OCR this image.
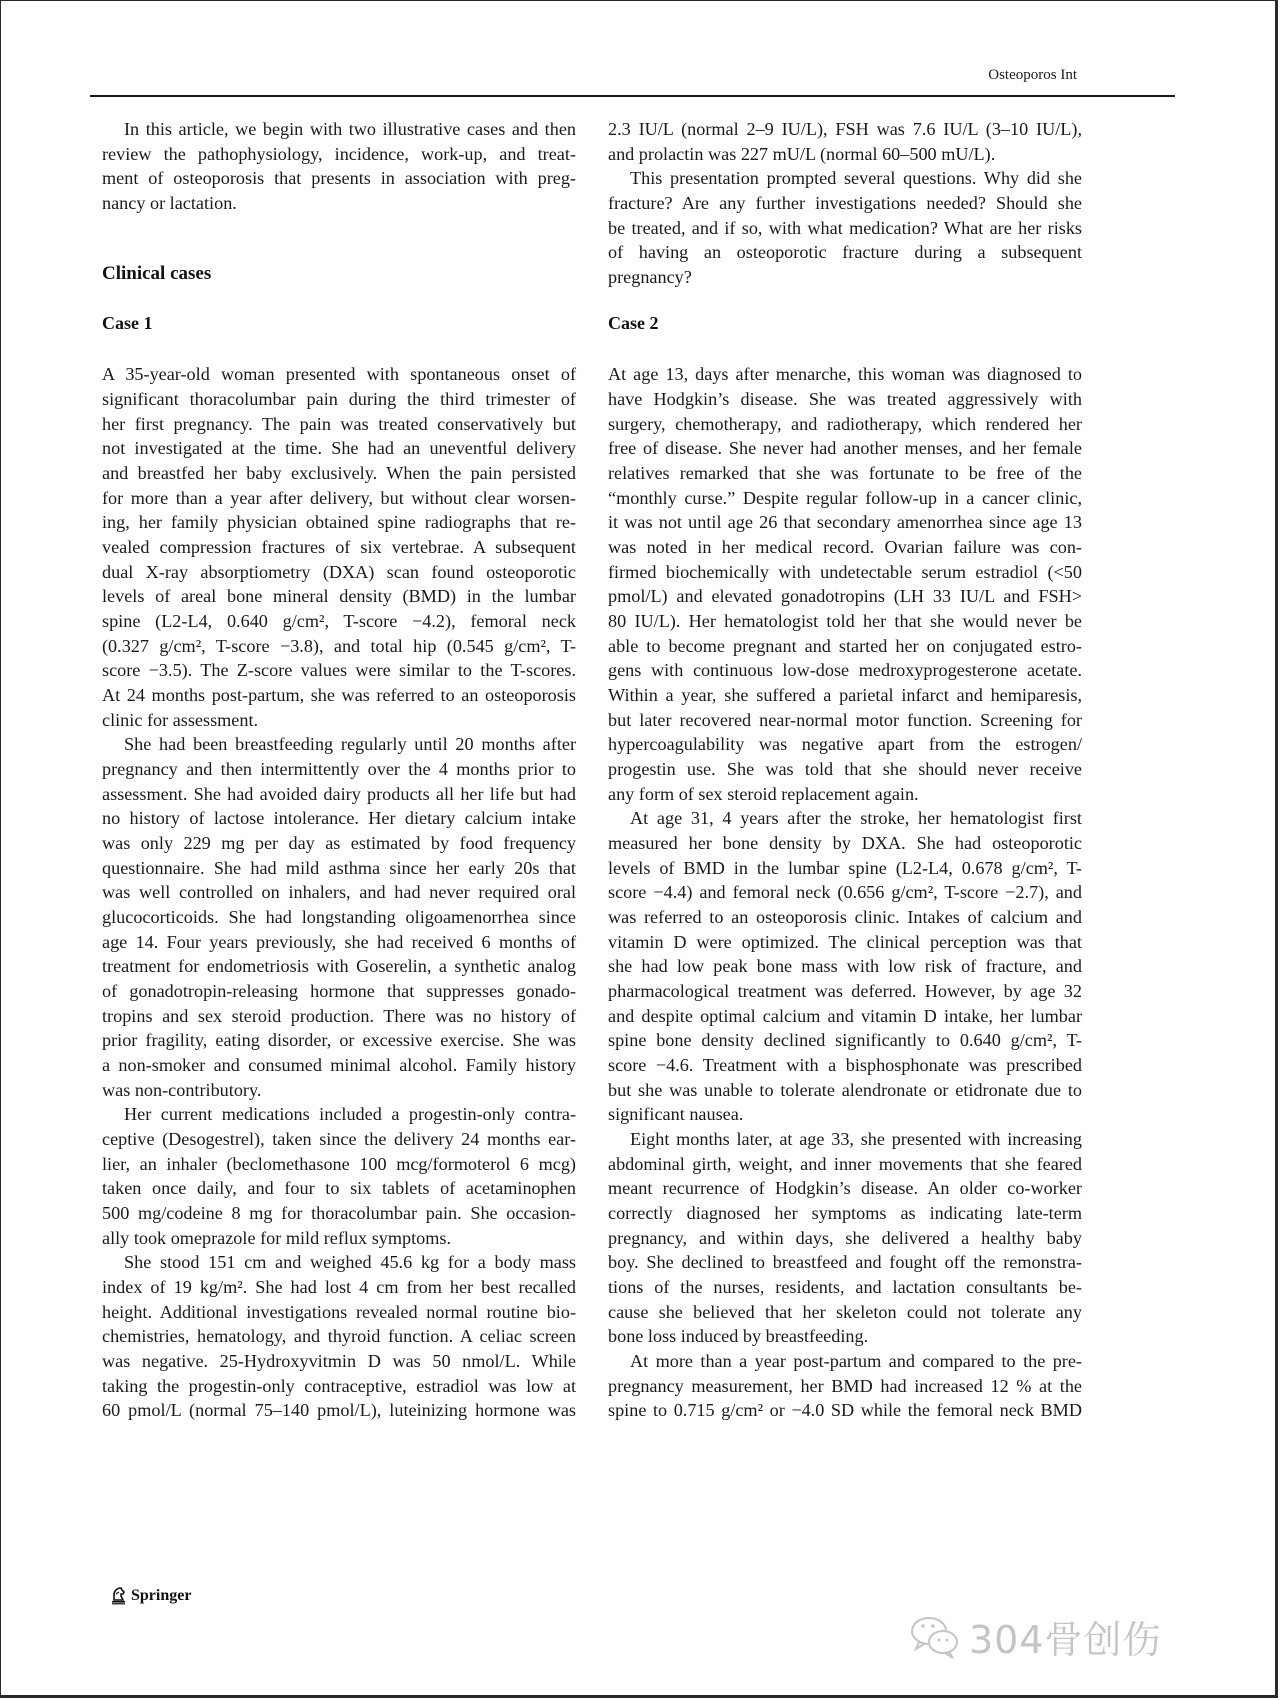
Osteoporos Int
In this article, we begin with two illustrative cases and then
review the pathophysiology, incidence, work-up, and treat-
ment of osteoporosis that presents in association with preg-
nancy or lactation.
Clinical cases
Case 1
A 35-year-old woman presented with spontaneous onset of
significant thoracolumbar pain during the third trimester of
her first pregnancy. The pain was treated conservatively but
not investigated at the time. She had an uneventful delivery
and breastfed her baby exclusively. When the pain persisted
for more than a year after delivery, but without clear worsen-
ing, her family physician obtained spine radiographs that re-
vealed compression fractures of six vertebrae. A subsequent
dual X-ray absorptiometry (DXA) scan found osteoporotic
levels of areal bone mineral density (BMD) in the lumbar
spine (L2-L4, 0.640 g/cm², T-score −4.2), femoral neck
(0.327 g/cm², T-score −3.8), and total hip (0.545 g/cm², T-
score −3.5). The Z-score values were similar to the T-scores.
At 24 months post-partum, she was referred to an osteoporosis
clinic for assessment.
She had been breastfeeding regularly until 20 months after
pregnancy and then intermittently over the 4 months prior to
assessment. She had avoided dairy products all her life but had
no history of lactose intolerance. Her dietary calcium intake
was only 229 mg per day as estimated by food frequency
questionnaire. She had mild asthma since her early 20s that
was well controlled on inhalers, and had never required oral
glucocorticoids. She had longstanding oligoamenorrhea since
age 14. Four years previously, she had received 6 months of
treatment for endometriosis with Goserelin, a synthetic analog
of gonadotropin-releasing hormone that suppresses gonado-
tropins and sex steroid production. There was no history of
prior fragility, eating disorder, or excessive exercise. She was
a non-smoker and consumed minimal alcohol. Family history
was non-contributory.
Her current medications included a progestin-only contra-
ceptive (Desogestrel), taken since the delivery 24 months ear-
lier, an inhaler (beclomethasone 100 mcg/formoterol 6 mcg)
taken once daily, and four to six tablets of acetaminophen
500 mg/codeine 8 mg for thoracolumbar pain. She occasion-
ally took omeprazole for mild reflux symptoms.
She stood 151 cm and weighed 45.6 kg for a body mass
index of 19 kg/m². She had lost 4 cm from her best recalled
height. Additional investigations revealed normal routine bio-
chemistries, hematology, and thyroid function. A celiac screen
was negative. 25-Hydroxyvitmin D was 50 nmol/L. While
taking the progestin-only contraceptive, estradiol was low at
60 pmol/L (normal 75–140 pmol/L), luteinizing hormone was
2.3 IU/L (normal 2–9 IU/L), FSH was 7.6 IU/L (3–10 IU/L),
and prolactin was 227 mU/L (normal 60–500 mU/L).
This presentation prompted several questions. Why did she
fracture? Are any further investigations needed? Should she
be treated, and if so, with what medication? What are her risks
of having an osteoporotic fracture during a subsequent
pregnancy?
Case 2
At age 13, days after menarche, this woman was diagnosed to
have Hodgkin’s disease. She was treated aggressively with
surgery, chemotherapy, and radiotherapy, which rendered her
free of disease. She never had another menses, and her female
relatives remarked that she was fortunate to be free of the
“monthly curse.” Despite regular follow-up in a cancer clinic,
it was not until age 26 that secondary amenorrhea since age 13
was noted in her medical record. Ovarian failure was con-
firmed biochemically with undetectable serum estradiol (<50
pmol/L) and elevated gonadotropins (LH 33 IU/L and FSH>
80 IU/L). Her hematologist told her that she would never be
able to become pregnant and started her on conjugated estro-
gens with continuous low-dose medroxyprogesterone acetate.
Within a year, she suffered a parietal infarct and hemiparesis,
but later recovered near-normal motor function. Screening for
hypercoagulability was negative apart from the estrogen/
progestin use. She was told that she should never receive
any form of sex steroid replacement again.
At age 31, 4 years after the stroke, her hematologist first
measured her bone density by DXA. She had osteoporotic
levels of BMD in the lumbar spine (L2-L4, 0.678 g/cm², T-
score −4.4) and femoral neck (0.656 g/cm², T-score −2.7), and
was referred to an osteoporosis clinic. Intakes of calcium and
vitamin D were optimized. The clinical perception was that
she had low peak bone mass with low risk of fracture, and
pharmacological treatment was deferred. However, by age 32
and despite optimal calcium and vitamin D intake, her lumbar
spine bone density declined significantly to 0.640 g/cm², T-
score −4.6. Treatment with a bisphosphonate was prescribed
but she was unable to tolerate alendronate or etidronate due to
significant nausea.
Eight months later, at age 33, she presented with increasing
abdominal girth, weight, and inner movements that she feared
meant recurrence of Hodgkin’s disease. An older co-worker
correctly diagnosed her symptoms as indicating late-term
pregnancy, and within days, she delivered a healthy baby
boy. She declined to breastfeed and fought off the remonstra-
tions of the nurses, residents, and lactation consultants be-
cause she believed that her skeleton could not tolerate any
bone loss induced by breastfeeding.
At more than a year post-partum and compared to the pre-
pregnancy measurement, her BMD had increased 12 % at the
spine to 0.715 g/cm² or −4.0 SD while the femoral neck BMD
Springer
304骨创伤
